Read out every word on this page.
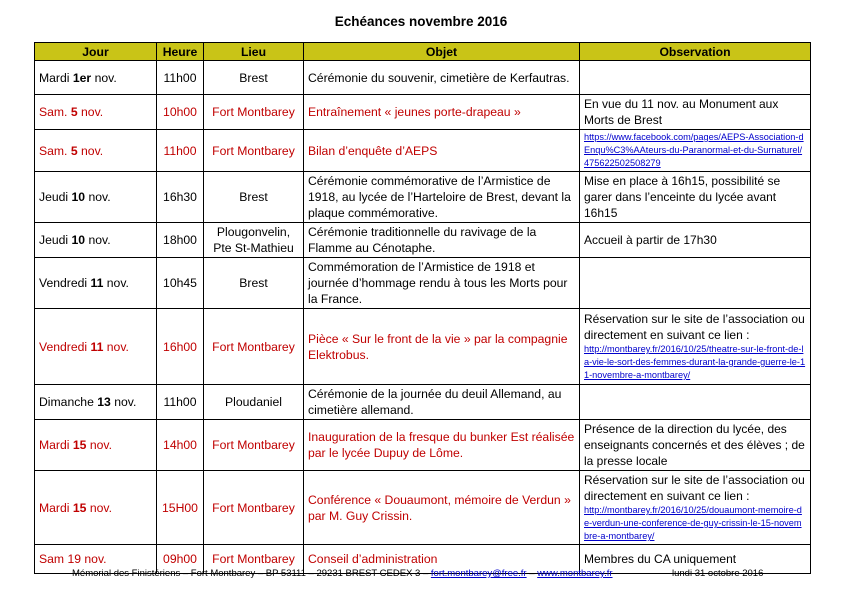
Echéances novembre 2016
Jour	Heure	Lieu	Objet	Observation
Mardi 1er nov.	11h00	Brest	Cérémonie du souvenir, cimetière de Kerfautras.	
Sam. 5 nov.	10h00	Fort Montbarey	Entraînement « jeunes porte-drapeau »	En vue du 11 nov. au Monument aux Morts de Brest
Sam. 5 nov.	11h00	Fort Montbarey	Bilan d’enquête d’AEPS	https://www.facebook.com/pages/AEPS-Association-dEnqu%C3%AAteurs-du-Paranormal-et-du-Surnaturel/475622502508279

Jeudi 10 nov.	16h30	Brest	Cérémonie commémorative de l’Armistice de 1918, au lycée de l’Harteloire de Brest, devant la plaque commémorative.	Mise en place à 16h15, possibilité se garer dans l’enceinte du lycée avant 16h15
Jeudi 10 nov.	18h00	Plougonvelin, Pte St-Mathieu	Cérémonie traditionnelle du ravivage de la Flamme au Cénotaphe.	Accueil à partir de 17h30
Vendredi 11 nov.	10h45	Brest	Commémoration de l’Armistice de 1918 et journée d’hommage rendu à tous les Morts pour la France.	
Vendredi 11 nov.	16h00	Fort Montbarey	Pièce « Sur le front de la vie » par la compagnie Elektrobus.	Réservation sur le site de l’association ou directement en suivant ce lien :
http://montbarey.fr/2016/10/25/theatre-sur-le-front-de-la-vie-le-sort-des-femmes-durant-la-grande-guerre-le-11-novembre-a-montbarey/

Dimanche 13 nov.	11h00	Ploudaniel	Cérémonie de la journée du deuil Allemand, au cimetière allemand.	
Mardi 15 nov.	14h00	Fort Montbarey	Inauguration de la fresque du bunker Est réalisée par le lycée Dupuy de Lôme.	Présence de la direction du lycée, des enseignants concernés et des élèves ; de la presse locale
Mardi 15 nov.	15H00	Fort Montbarey	Conférence « Douaumont, mémoire de Verdun » par M. Guy Crissin.	Réservation sur le site de l’association ou directement en suivant ce lien :
http://montbarey.fr/2016/10/25/douaumont-memoire-de-verdun-une-conference-de-guy-crissin-le-15-novembre-a-montbarey/

Sam 19 nov.	09h00	Fort Montbarey	Conseil d’administration	Membres du CA uniquement
Mémorial des Finistériens – Fort Montbarey – BP 53111 – 29231 BREST CEDEX 3 – fort.montbarey@free.fr – www.montbarey.fr	lundi 31 octobre 2016
